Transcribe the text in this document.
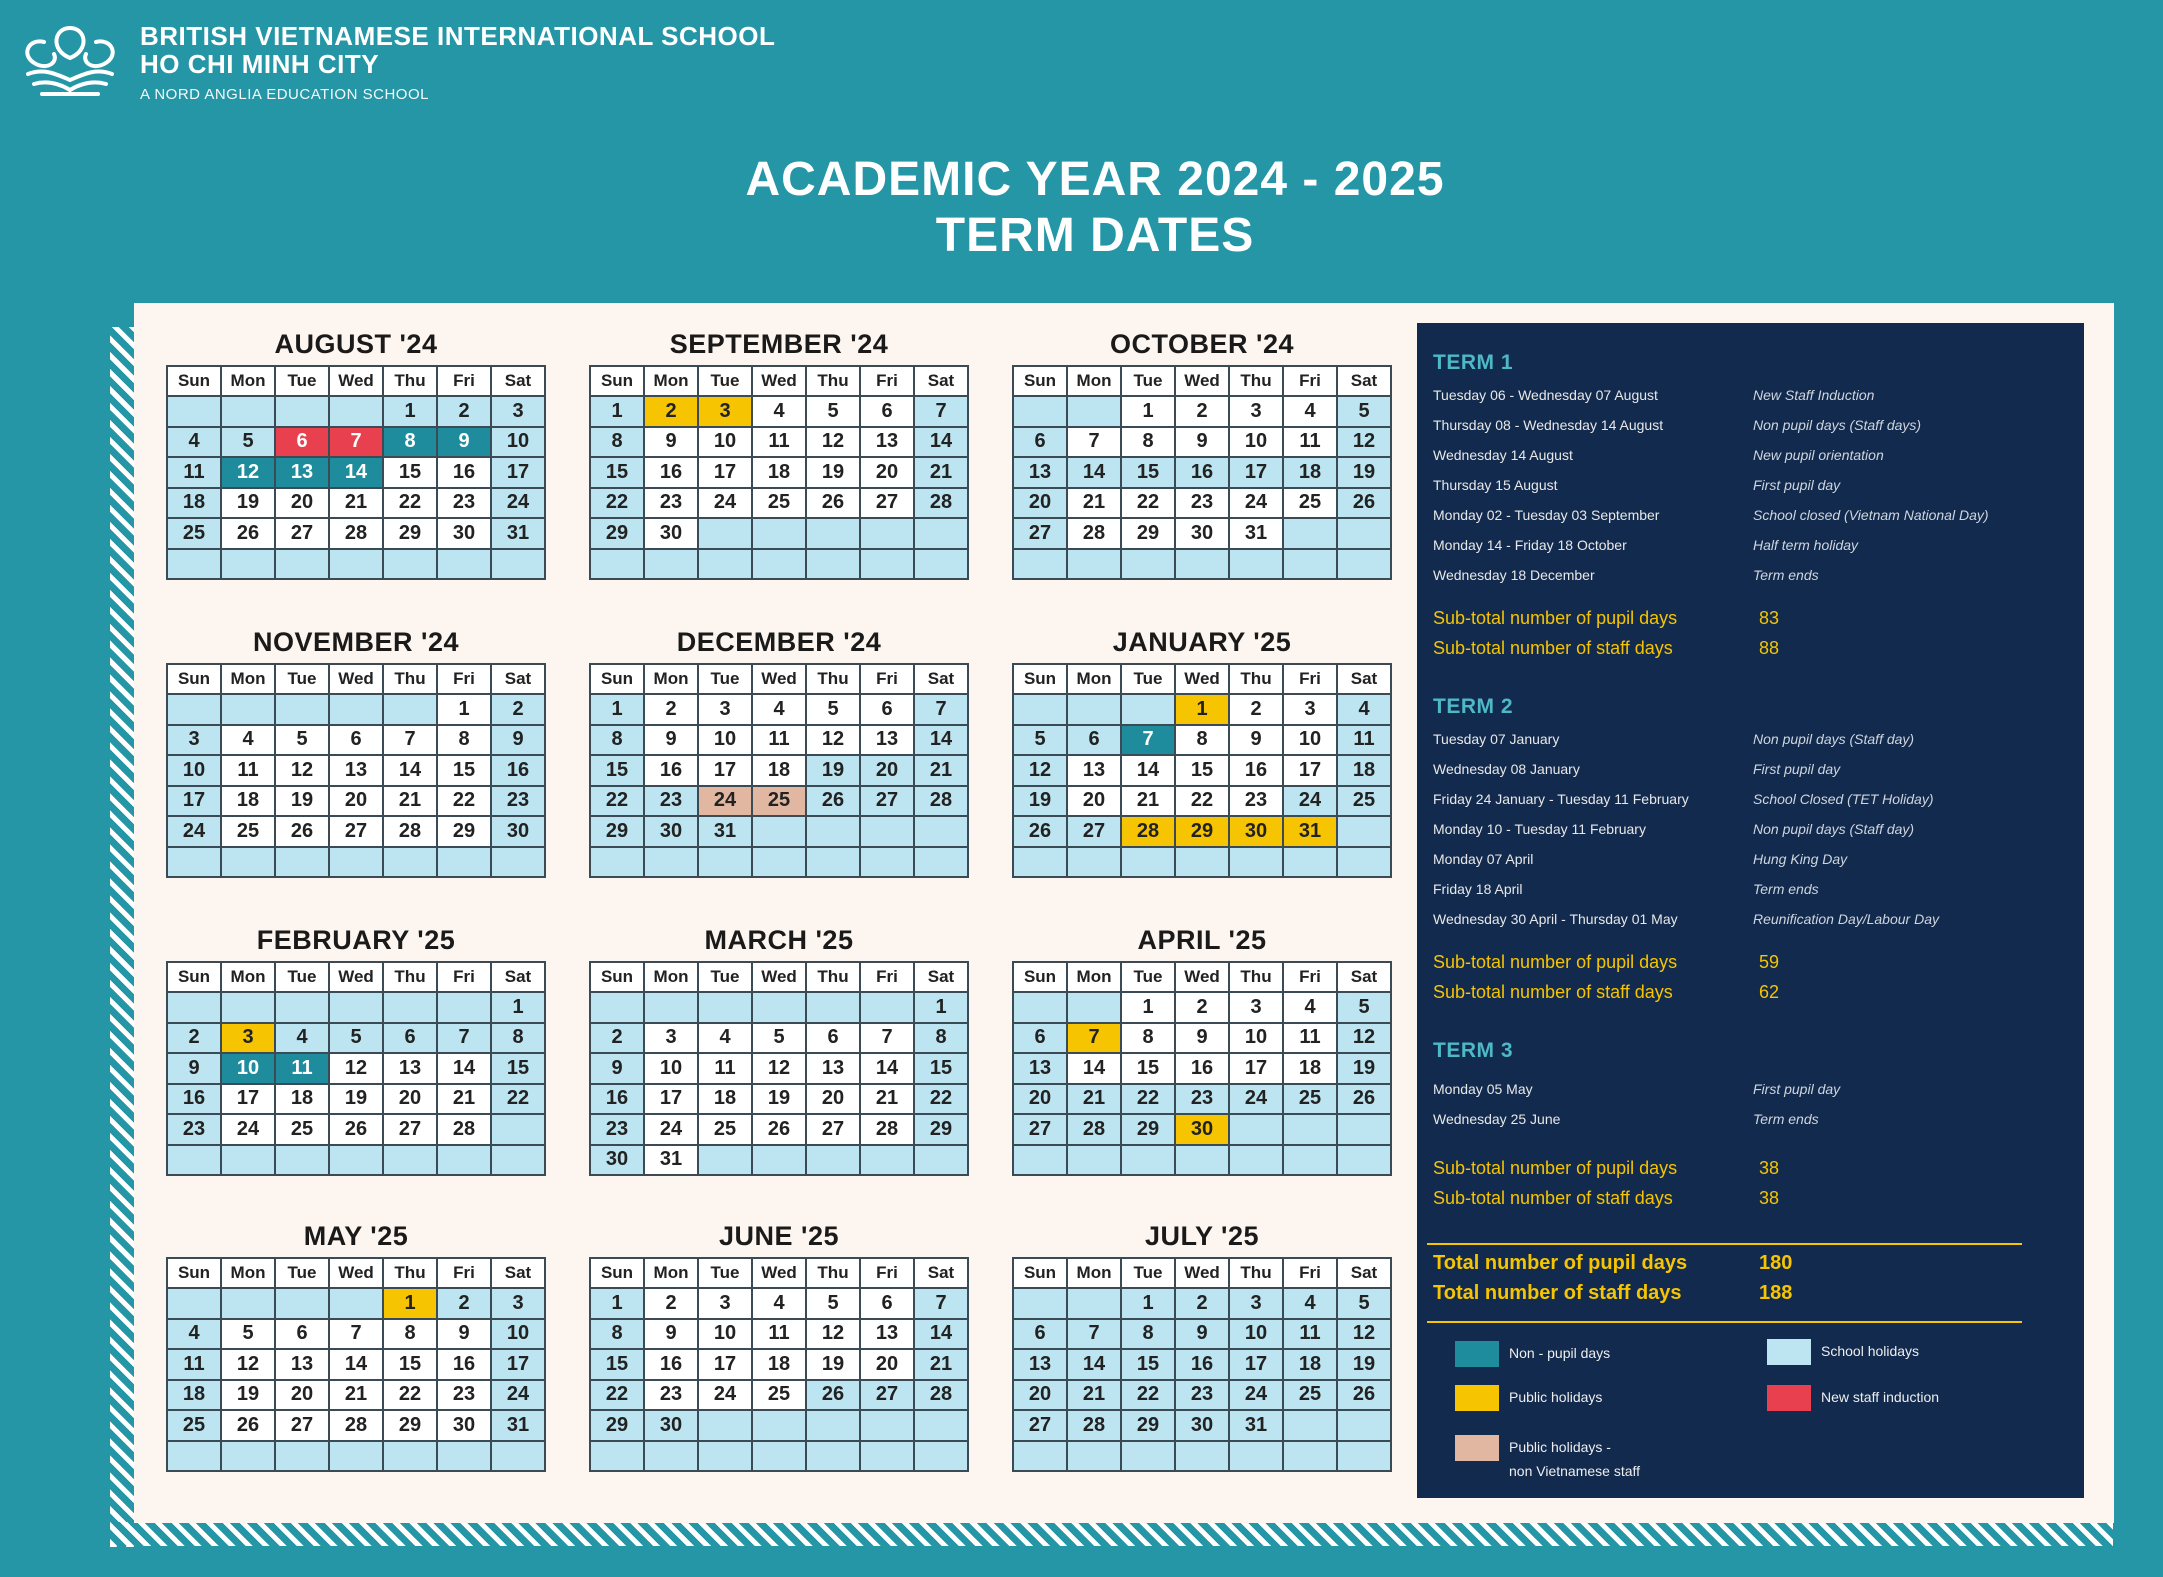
BRITISH VIETNAMESE INTERNATIONAL SCHOOL
HO CHI MINH CITY
A NORD ANGLIA EDUCATION SCHOOL
ACADEMIC YEAR 2024 - 2025
TERM DATES
AUGUST '24
Sun	Mon	Tue	Wed	Thu	Fri	Sat
				1	2	3
4	5	6	7	8	9	10
11	12	13	14	15	16	17
18	19	20	21	22	23	24
25	26	27	28	29	30	31

SEPTEMBER '24
Sun	Mon	Tue	Wed	Thu	Fri	Sat
1	2	3	4	5	6	7
8	9	10	11	12	13	14
15	16	17	18	19	20	21
22	23	24	25	26	27	28
29	30					

OCTOBER '24
Sun	Mon	Tue	Wed	Thu	Fri	Sat
		1	2	3	4	5
6	7	8	9	10	11	12
13	14	15	16	17	18	19
20	21	22	23	24	25	26
27	28	29	30	31		

NOVEMBER '24
Sun	Mon	Tue	Wed	Thu	Fri	Sat
					1	2
3	4	5	6	7	8	9
10	11	12	13	14	15	16
17	18	19	20	21	22	23
24	25	26	27	28	29	30

DECEMBER '24
Sun	Mon	Tue	Wed	Thu	Fri	Sat
1	2	3	4	5	6	7
8	9	10	11	12	13	14
15	16	17	18	19	20	21
22	23	24	25	26	27	28
29	30	31				

JANUARY '25
Sun	Mon	Tue	Wed	Thu	Fri	Sat
			1	2	3	4
5	6	7	8	9	10	11
12	13	14	15	16	17	18
19	20	21	22	23	24	25
26	27	28	29	30	31	

FEBRUARY '25
Sun	Mon	Tue	Wed	Thu	Fri	Sat
						1
2	3	4	5	6	7	8
9	10	11	12	13	14	15
16	17	18	19	20	21	22
23	24	25	26	27	28	

MARCH '25
Sun	Mon	Tue	Wed	Thu	Fri	Sat
						1
2	3	4	5	6	7	8
9	10	11	12	13	14	15
16	17	18	19	20	21	22
23	24	25	26	27	28	29
30	31					
APRIL '25
Sun	Mon	Tue	Wed	Thu	Fri	Sat
		1	2	3	4	5
6	7	8	9	10	11	12
13	14	15	16	17	18	19
20	21	22	23	24	25	26
27	28	29	30			

MAY '25
Sun	Mon	Tue	Wed	Thu	Fri	Sat
				1	2	3
4	5	6	7	8	9	10
11	12	13	14	15	16	17
18	19	20	21	22	23	24
25	26	27	28	29	30	31

JUNE '25
Sun	Mon	Tue	Wed	Thu	Fri	Sat
1	2	3	4	5	6	7
8	9	10	11	12	13	14
15	16	17	18	19	20	21
22	23	24	25	26	27	28
29	30					

JULY '25
Sun	Mon	Tue	Wed	Thu	Fri	Sat
		1	2	3	4	5
6	7	8	9	10	11	12
13	14	15	16	17	18	19
20	21	22	23	24	25	26
27	28	29	30	31		

TERM 1
Tuesday 06 - Wednesday 07 August	New Staff Induction
Thursday 08 - Wednesday 14 August	Non pupil days (Staff days)
Wednesday 14 August	New pupil orientation
Thursday 15 August	First pupil day
Monday 02 - Tuesday 03 September	School closed (Vietnam National Day)
Monday 14 - Friday 18 October	Half term holiday
Wednesday 18 December	Term ends
Sub-total number of pupil days	83
Sub-total number of staff days	88
TERM 2
Tuesday 07 January	Non pupil days (Staff day)
Wednesday 08 January	First pupil day
Friday 24 January - Tuesday 11 February	School Closed (TET Holiday)
Monday 10 - Tuesday 11 February	Non pupil days (Staff day)
Monday 07 April	Hung King Day
Friday 18 April	Term ends
Wednesday 30 April - Thursday 01 May	Reunification Day/Labour Day
Sub-total number of pupil days	59
Sub-total number of staff days	62
TERM 3
Monday 05 May	First pupil day
Wednesday 25 June	Term ends
Sub-total number of pupil days	38
Sub-total number of staff days	38
Total number of pupil days	180
Total number of staff days	188
Non - pupil days	School holidays
Public holidays	New staff induction
Public holidays -
non Vietnamese staff
